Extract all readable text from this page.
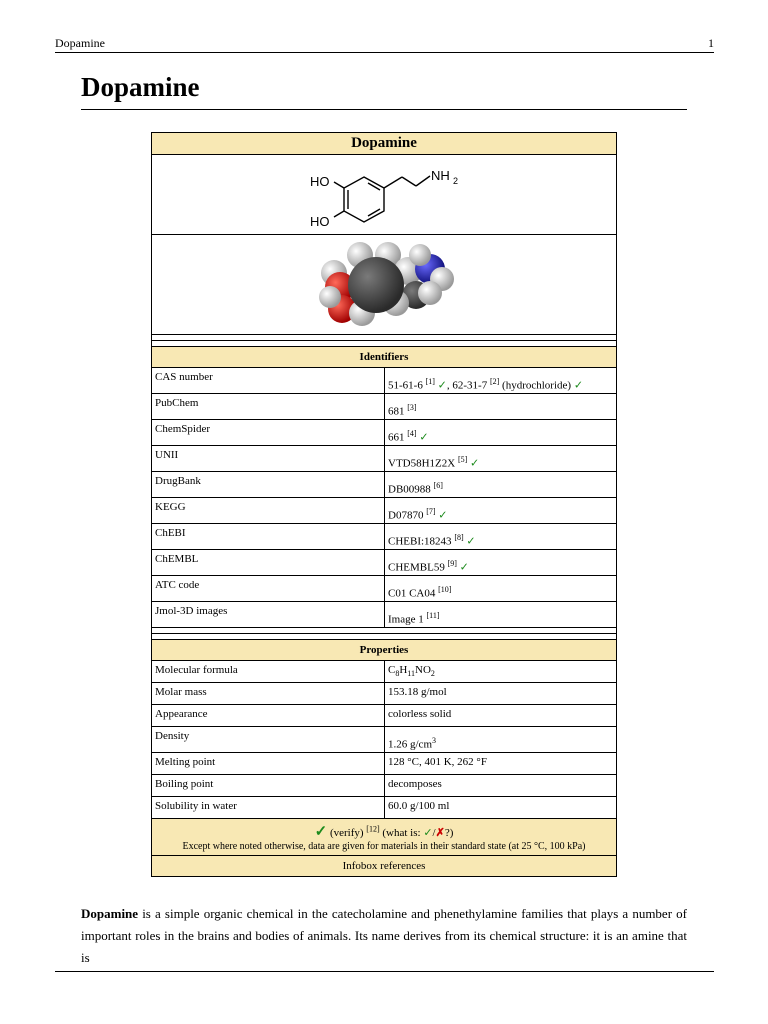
Dopamine	1
Dopamine
Dopamine	

HO
HO
NH 2	

Identifiers	
CAS number	51-61-6 [1] ✓, 62-31-7 [2] (hydrochloride) ✓
PubChem	681 [3]
ChemSpider	661 [4] ✓
UNII	VTD58H1Z2X [5] ✓
DrugBank	DB00988 [6]
KEGG	D07870 [7] ✓
ChEBI	CHEBI:18243 [8] ✓
ChEMBL	CHEMBL59 [9] ✓
ATC code	C01 CA04 [10]
Jmol-3D images	Image 1 [11]

Properties	
Molecular formula	$C_8H_{11}NO_2$
Molar mass	153.18 g/mol
Appearance	colorless solid
Density	1.26 $g/cm^3$
Melting point	128 °C, 401 K, 262 °F
Boiling point	decomposes
Solubility in water	60.0 g/100 ml

✓ (verify) [12] (what is: ✓/✗?)
Except where noted otherwise, data are given for materials in their standard state (at 25 °C, 100 kPa)	

Infobox references	
Dopamine is a simple organic chemical in the catecholamine and phenethylamine families that plays a number of important roles in the brains and bodies of animals. Its name derives from its chemical structure: it is an amine that is
